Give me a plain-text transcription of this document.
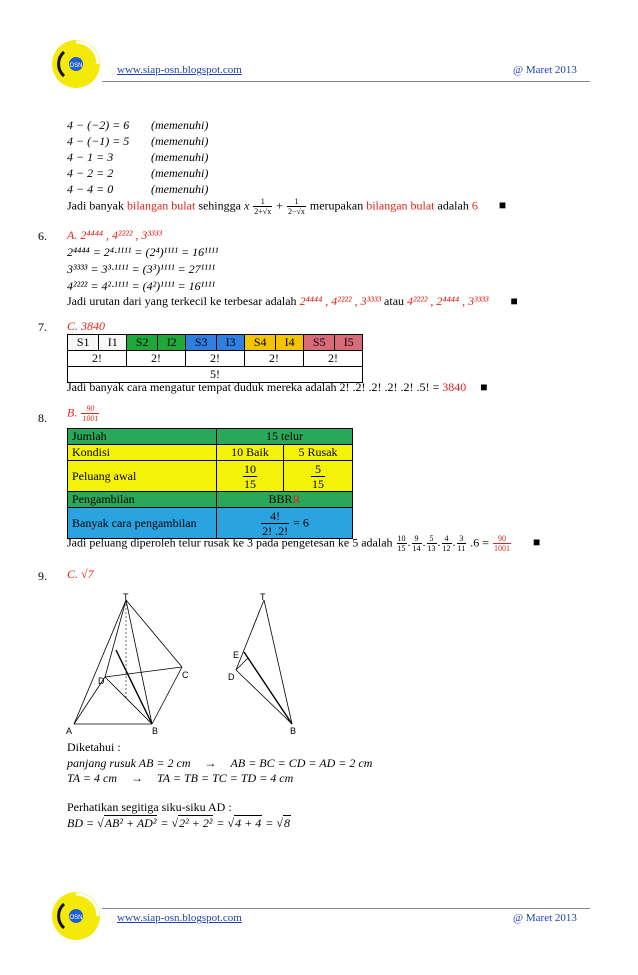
OSN	www.siap-osn.blogspot.com	@ Maret 2013
4 − (−2) = 6 (memenuhi)
4 − (−1) = 5 (memenuhi)
4 − 1 = 3	(memenuhi)
4 − 2 = 2	(memenuhi)
4 − 4 = 0	(memenuhi)
Jadi banyak bilangan bulat sehingga x $\frac{1}{2+√x} + \frac{1}{2-√x}$ merupakan bilangan bulat adalah 6 ■
6. A. 2⁴⁴⁴⁴ , 4²²²² , 3³³³³
2⁴⁴⁴⁴ = 2⁴·¹¹¹¹ = (2⁴)¹¹¹¹ = 16¹¹¹¹
3³³³³ = 3³·¹¹¹¹ = (3³)¹¹¹¹ = 27¹¹¹¹
4²²²² = 4²·¹¹¹¹ = (4²)¹¹¹¹ = 16¹¹¹¹
Jadi urutan dari yang terkecil ke terbesar adalah 2⁴⁴⁴⁴ , 4²²²² , 3³³³³ atau 4²²²² , 2⁴⁴⁴⁴ , 3³³³³ ■
7. C. 3840
S1	I1	S2	I2	S3	I3	S4	I4	S5	I5
2!		2!		2!		2!		2!	
5!									
Jadi banyak cara mengatur tempat duduk mereka adalah 2! .2! .2! .2! .2! .5! = 3840 ■
8. B. $\frac{90}{1001}$
Jumlah	15 telur	
Kondisi	10 Baik	5 Rusak
Peluang awal	$\frac{10}{15}$	$\frac{5}{15}$

Pengambilan	BBRR	
Banyak cara pengambilan	$\frac{4!}{2! .2!} = 6$	
Jadi peluang diperoleh telur rusak ke 3 pada pengetesan ke 5 adalah $\frac{10}{15}$ . $\frac{9}{14}$ . $\frac{5}{13}$ . $\frac{4}{12}$ . $\frac{3}{11} .6 = \frac{90}{1001}$ ■
9. C. √7
T
D
C
A	B
T
E
D
B
Diketahui :
panjang rusuk AB = 2 cm → AB = BC = CD = AD = 2 cm
TA = 4 cm → TA = TB = TC = TD = 4 cm
Perhatikan segitiga siku-siku AD :
BD = √AB² + AD² = √2² + 2² = √4 + 4 = √8
OSN	www.siap-osn.blogspot.com	@ Maret 2013
